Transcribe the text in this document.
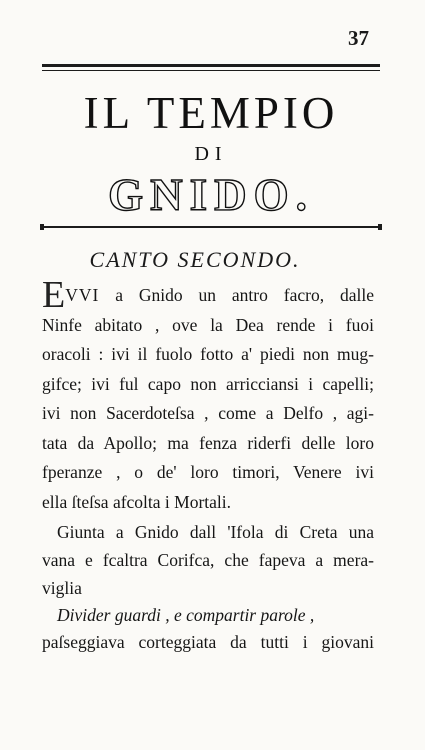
37
IL TEMPIO
DI
GNIDO.
CANTO SECONDO.
EVVI a Gnido un antro facro, dalle
Ninfe abitato , ove la Dea rende i fuoi
oracoli : ivi il fuolo fotto a' piedi non mug-
gifce; ivi ful capo non arricciansi i capelli;
ivi non Sacerdoteſsa , come a Delfo , agi-
tata da Apollo; ma fenza riderfi delle loro
fperanze , o de' loro timori, Venere ivi
ella ſteſsa afcolta i Mortali.
Giunta a Gnido dall 'Ifola di Creta una
vana e fcaltra Corifca, che fapeva a mera-
viglia
Divider guardi , e compartir parole ,
paſseggiava corteggiata da tutti i giovani
